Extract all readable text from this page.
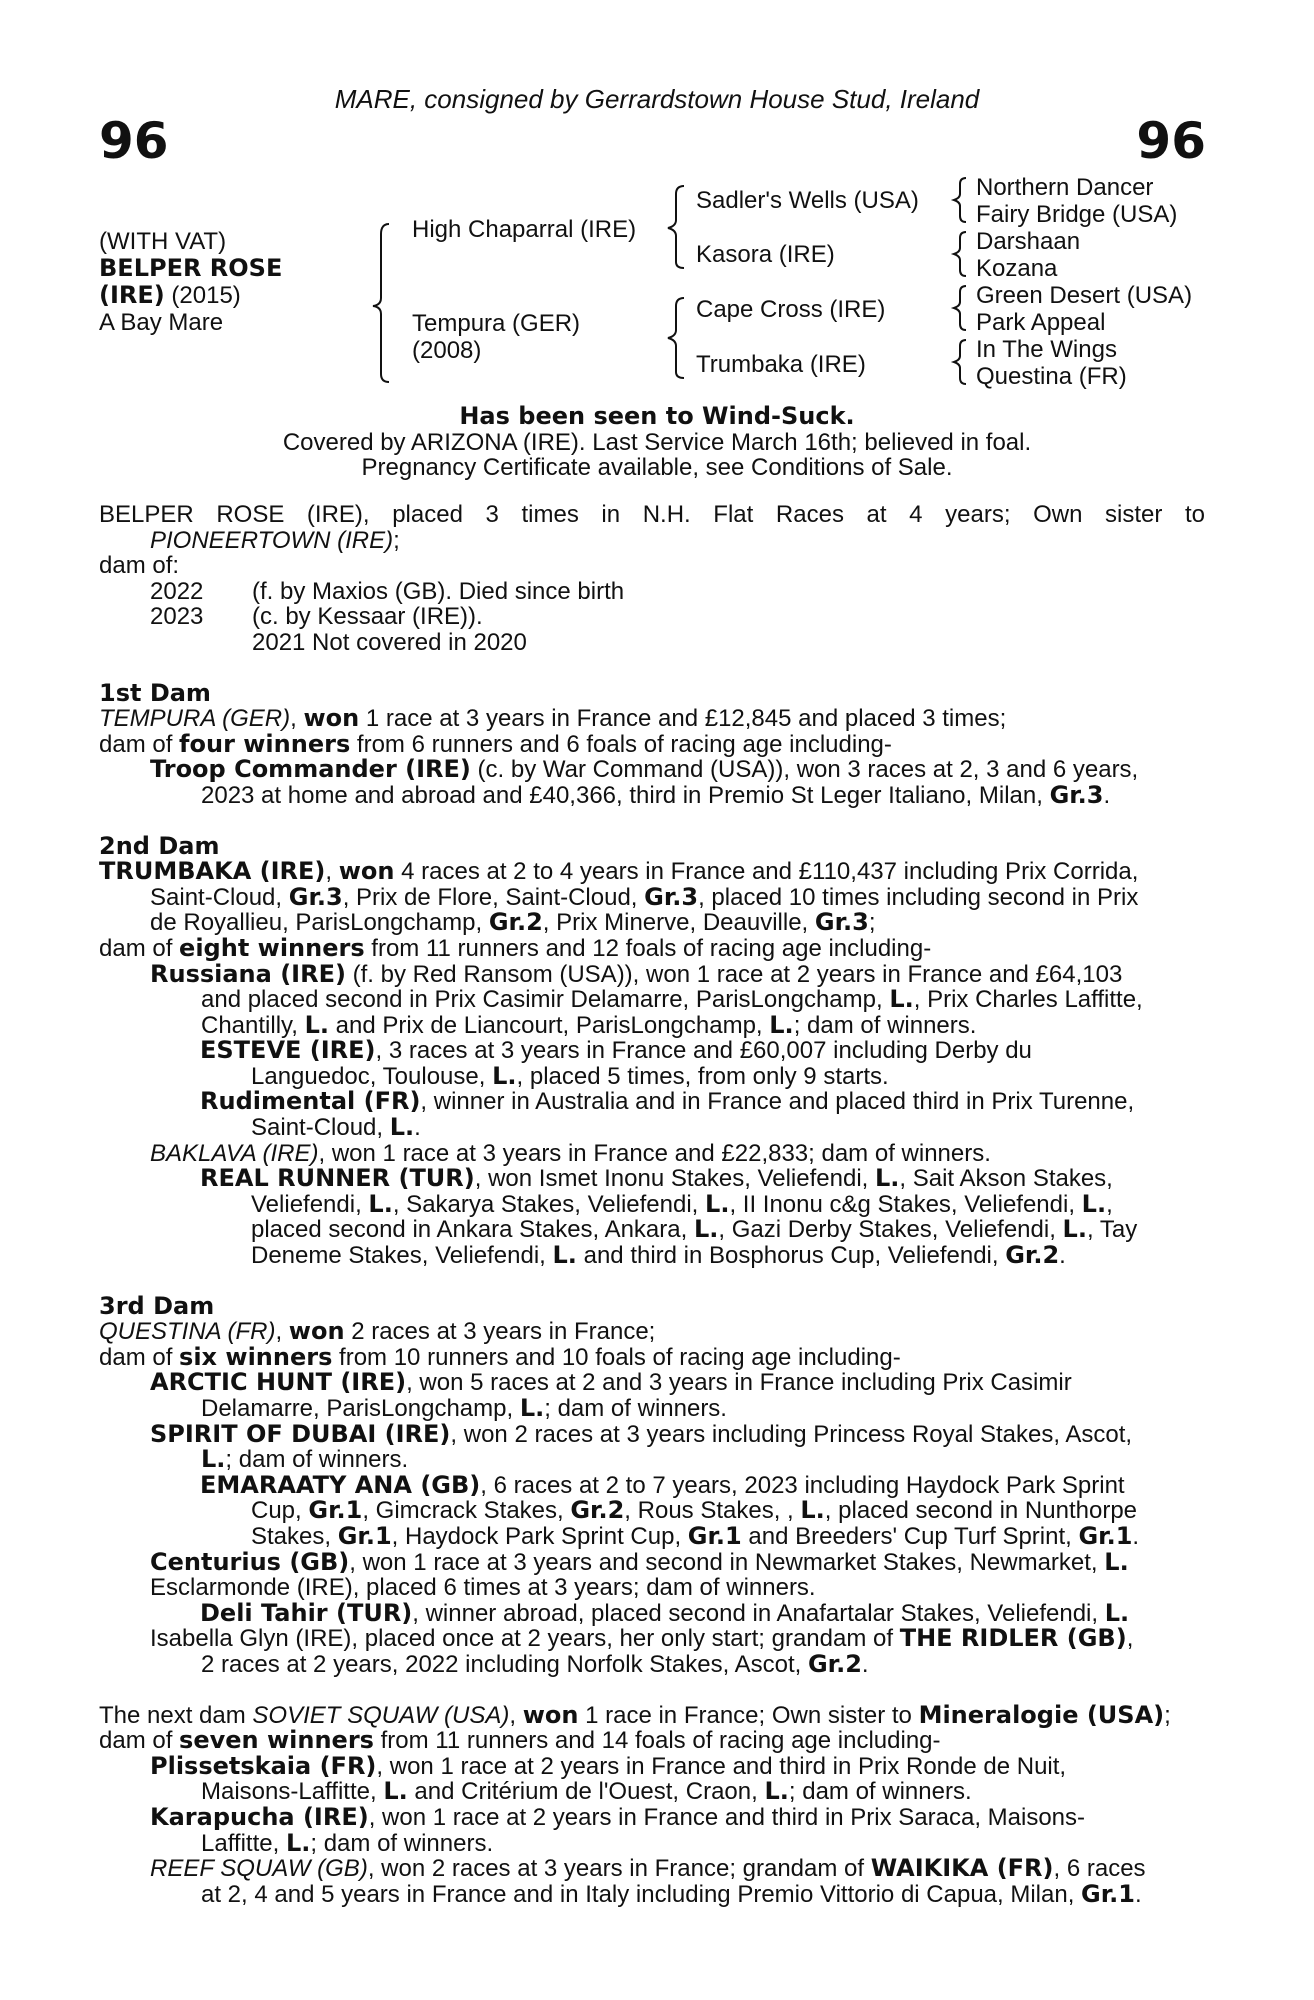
MARE, consigned by Gerrardstown House Stud, Ireland
96	96
(WITH VAT)
BELPER ROSE
(IRE) (2015)
A Bay Mare
High Chaparral (IRE)
Tempura (GER)
(2008)
Sadler's Wells (USA)
Kasora (IRE)
Cape Cross (IRE)
Trumbaka (IRE)
Northern Dancer
Fairy Bridge (USA)
Darshaan
Kozana
Green Desert (USA)
Park Appeal
In The Wings
Questina (FR)
Has been seen to Wind-Suck.
Covered by ARIZONA (IRE). Last Service March 16th; believed in foal.
Pregnancy Certificate available, see Conditions of Sale.

BELPER ROSE (IRE), placed 3 times in N.H. Flat Races at 4 years; Own sister to

PIONEERTOWN (IRE);

dam of:

2022 (f. by Maxios (GB). Died since birth

2023 (c. by Kessaar (IRE)).

2021 Not covered in 2020

1st Dam

TEMPURA (GER), won 1 race at 3 years in France and £12,845 and placed 3 times;

dam of four winners from 6 runners and 6 foals of racing age including-

Troop Commander (IRE) (c. by War Command (USA)), won 3 races at 2, 3 and 6 years,
2023 at home and abroad and £40,366, third in Premio St Leger Italiano, Milan, Gr.3.

2nd Dam

TRUMBAKA (IRE), won 4 races at 2 to 4 years in France and £110,437 including Prix Corrida,
Saint-Cloud, Gr.3, Prix de Flore, Saint-Cloud, Gr.3, placed 10 times including second in Prix
de Royallieu, ParisLongchamp, Gr.2, Prix Minerve, Deauville, Gr.3;

dam of eight winners from 11 runners and 12 foals of racing age including-

Russiana (IRE) (f. by Red Ransom (USA)), won 1 race at 2 years in France and £64,103
and placed second in Prix Casimir Delamarre, ParisLongchamp, L., Prix Charles Laffitte,
Chantilly, L. and Prix de Liancourt, ParisLongchamp, L.; dam of winners.

ESTEVE (IRE), 3 races at 3 years in France and £60,007 including Derby du
Languedoc, Toulouse, L., placed 5 times, from only 9 starts.

Rudimental (FR), winner in Australia and in France and placed third in Prix Turenne,
Saint-Cloud, L..

BAKLAVA (IRE), won 1 race at 3 years in France and £22,833; dam of winners.

REAL RUNNER (TUR), won Ismet Inonu Stakes, Veliefendi, L., Sait Akson Stakes,
Veliefendi, L., Sakarya Stakes, Veliefendi, L., II Inonu c&g Stakes, Veliefendi, L.,
placed second in Ankara Stakes, Ankara, L., Gazi Derby Stakes, Veliefendi, L., Tay
Deneme Stakes, Veliefendi, L. and third in Bosphorus Cup, Veliefendi, Gr.2.

3rd Dam

QUESTINA (FR), won 2 races at 3 years in France;

dam of six winners from 10 runners and 10 foals of racing age including-

ARCTIC HUNT (IRE), won 5 races at 2 and 3 years in France including Prix Casimir
Delamarre, ParisLongchamp, L.; dam of winners.

SPIRIT OF DUBAI (IRE), won 2 races at 3 years including Princess Royal Stakes, Ascot,
L.; dam of winners.

EMARAATY ANA (GB), 6 races at 2 to 7 years, 2023 including Haydock Park Sprint
Cup, Gr.1, Gimcrack Stakes, Gr.2, Rous Stakes, , L., placed second in Nunthorpe
Stakes, Gr.1, Haydock Park Sprint Cup, Gr.1 and Breeders' Cup Turf Sprint, Gr.1.

Centurius (GB), won 1 race at 3 years and second in Newmarket Stakes, Newmarket, L.

Esclarmonde (IRE), placed 6 times at 3 years; dam of winners.

Deli Tahir (TUR), winner abroad, placed second in Anafartalar Stakes, Veliefendi, L.

Isabella Glyn (IRE), placed once at 2 years, her only start; grandam of THE RIDLER (GB),
2 races at 2 years, 2022 including Norfolk Stakes, Ascot, Gr.2.

The next dam SOVIET SQUAW (USA), won 1 race in France; Own sister to Mineralogie (USA);

dam of seven winners from 11 runners and 14 foals of racing age including-

Plissetskaia (FR), won 1 race at 2 years in France and third in Prix Ronde de Nuit,
Maisons-Laffitte, L. and Critérium de l'Ouest, Craon, L.; dam of winners.

Karapucha (IRE), won 1 race at 2 years in France and third in Prix Saraca, Maisons-
Laffitte, L.; dam of winners.

REEF SQUAW (GB), won 2 races at 3 years in France; grandam of WAIKIKA (FR), 6 races
at 2, 4 and 5 years in France and in Italy including Premio Vittorio di Capua, Milan, Gr.1.
